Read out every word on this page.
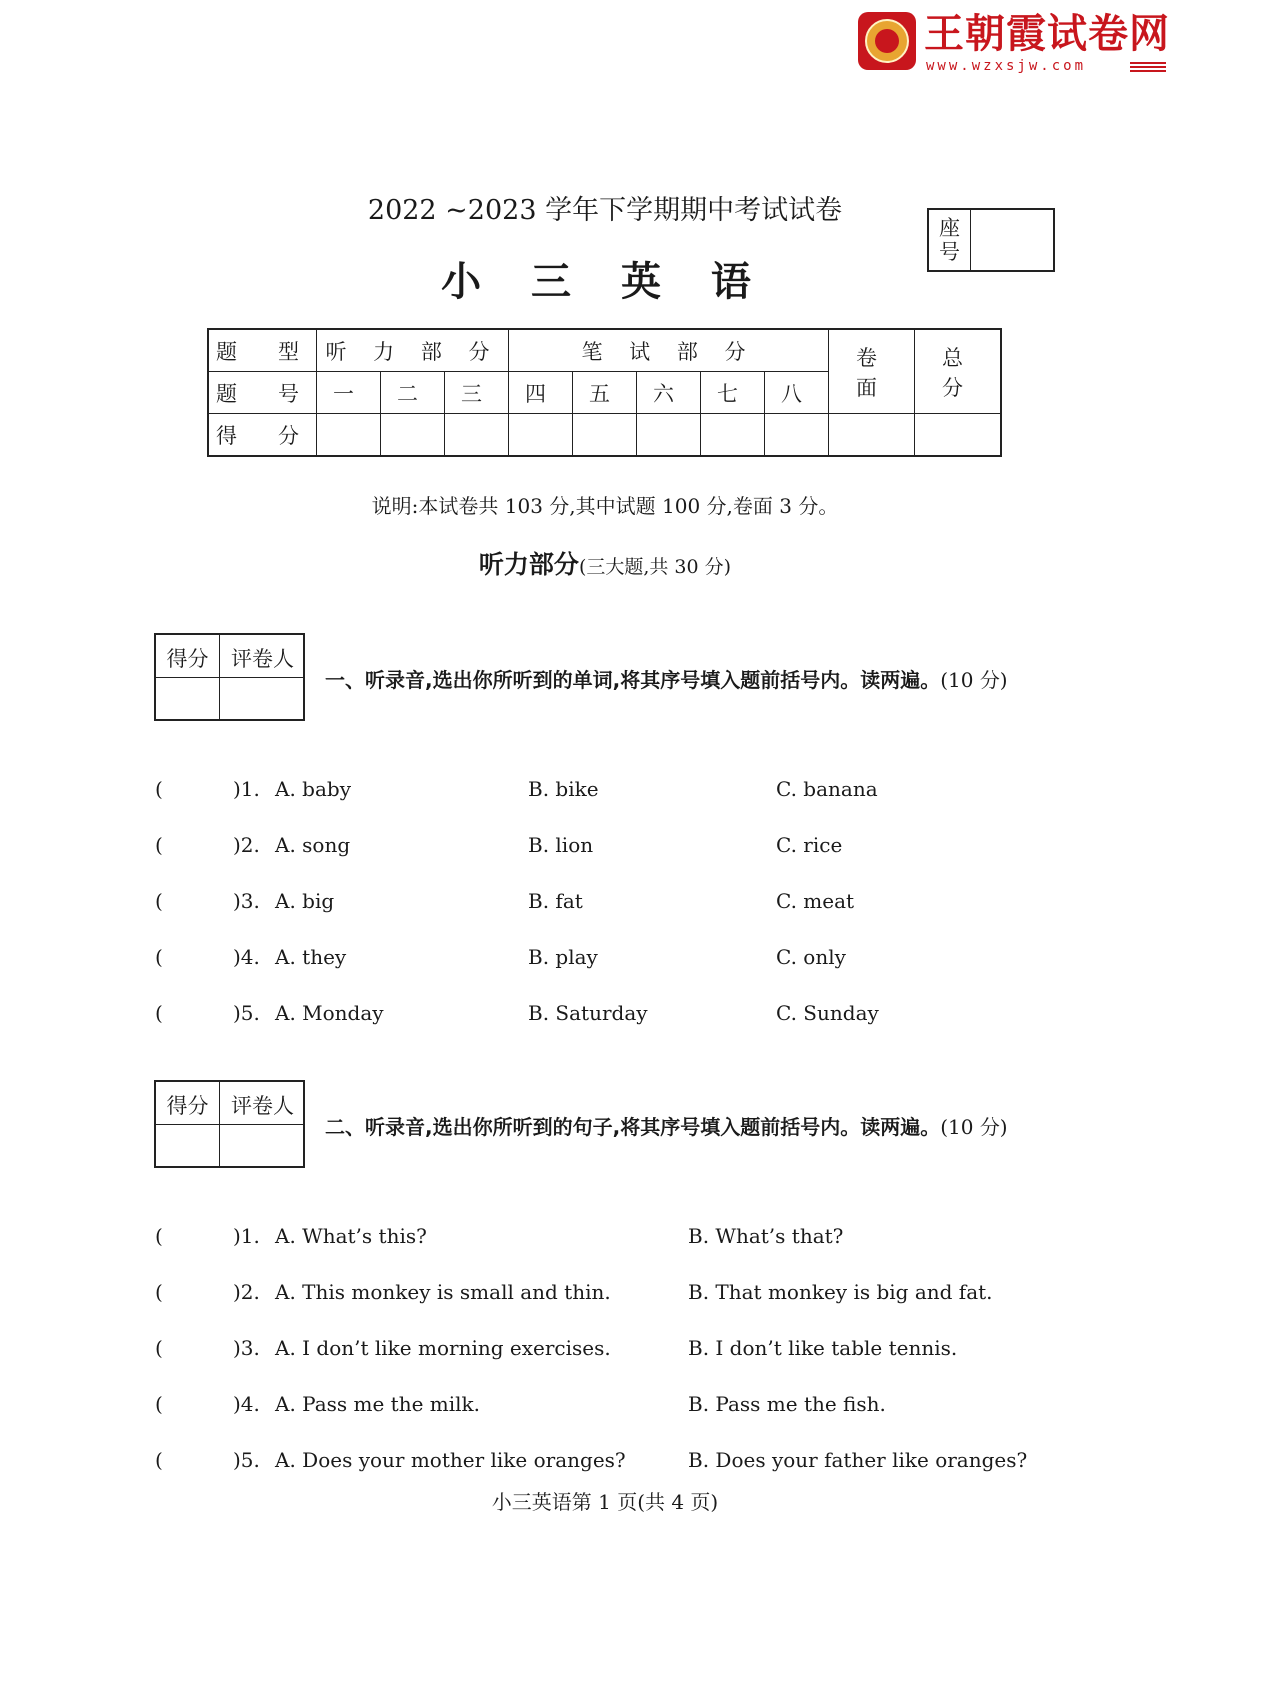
王朝霞试卷网
www.wzxsjw.com
2022 ~2023 学年下学期期中考试试卷
小 三 英 语
座号
题　型	听 力 部 分			笔 试 部 分					卷　面	总　分
题　号	一	二	三	四	五	六	七	八		
得　分										
说明:本试卷共 103 分,其中试题 100 分,卷面 3 分。
听力部分(三大题,共 30 分)
得分	评卷人
一、听录音,选出你所听到的单词,将其序号填入题前括号内。读两遍。(10 分)
(	)1. A. baby	B. bike	C. banana
(	)2. A. song	B. lion	C. rice
(	)3. A. big	B. fat	C. meat
(	)4. A. they	B. play	C. only
(	)5. A. Monday	B. Saturday	C. Sunday
得分	评卷人
二、听录音,选出你所听到的句子,将其序号填入题前括号内。读两遍。(10 分)
(	)1. A. What’s this?	B. What’s that?
(	)2. A. This monkey is small and thin.	B. That monkey is big and fat.
(	)3. A. I don’t like morning exercises.	B. I don’t like table tennis.
(	)4. A. Pass me the milk.	B. Pass me the fish.
(	)5. A. Does your mother like oranges?	B. Does your father like oranges?
小三英语第 1 页(共 4 页)
